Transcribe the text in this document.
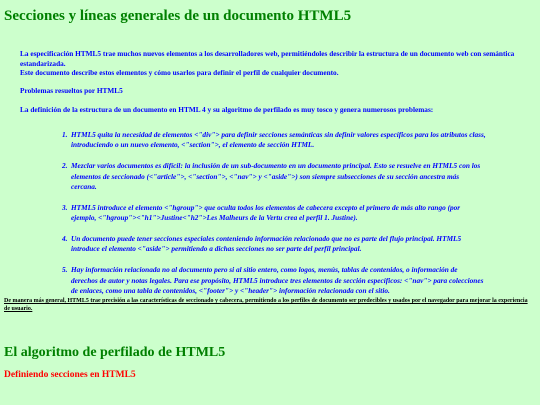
Secciones y líneas generales de un documento HTML5

La especificación HTML5 trae muchos nuevos elementos a los desarrolladores web, permitiéndoles describir la estructura de un documento web con semántica estandarizada.
Este documento describe estos elementos y cómo usarlos para definir el perfil de cualquier documento.

Problemas resueltos por HTML5

La definición de la estructura de un documento en HTML 4 y su algoritmo de perfilado es muy tosco y genera numerosos problemas:

1. HTML5 quita la necesidad de elementos <"div"> para definir secciones semánticas sin definir valores específicos para los atributos class, introduciendo o un nuevo elemento, <"section">, el elemento de sección HTML.
2. Mezclar varios documentos es difícil: la inclusión de un sub-documento en un documento principal. Esto se resuelve en HTML5 con los elementos de seccionado (<"article">, <"section">, <"nav"> y <"aside">) son siempre subsecciones de su sección ancestra más cercana.
3. HTML5 introduce el elemento <"hgroup"> que oculta todos los elementos de cabecera excepto el primero de más alto rango (por ejemplo, <"hgroup"><"h1">Justine<"h2">Les Malheurs de la Vertu crea el perfil 1. Justine).
4. Un documento puede tener secciones especiales conteniendo información relacionado que no es parte del flujo principal. HTML5 introduce el elemento <"aside"> permitiendo a dichas secciones no ser parte del perfil principal.
5. Hay información relacionada no al documento pero si al sitio entero, como logos, menús, tablas de contenidos, o información de derechos de autor y notas legales. Para ese propósito, HTML5 introduce tres elementos de sección específicos: <"nav"> para colecciones de enlaces, como una tabla de contenidos, <"footer"> y <"header"> información relacionada con el sitio.

De manera más general, HTML5 trae precisión a las características de seccionado y cabecera, permitiendo a los perfiles de documento ser predecibles y usados por el navegador para mejorar la experiencia de usuario.

El algoritmo de perfilado de HTML5
Definiendo secciones en HTML5
